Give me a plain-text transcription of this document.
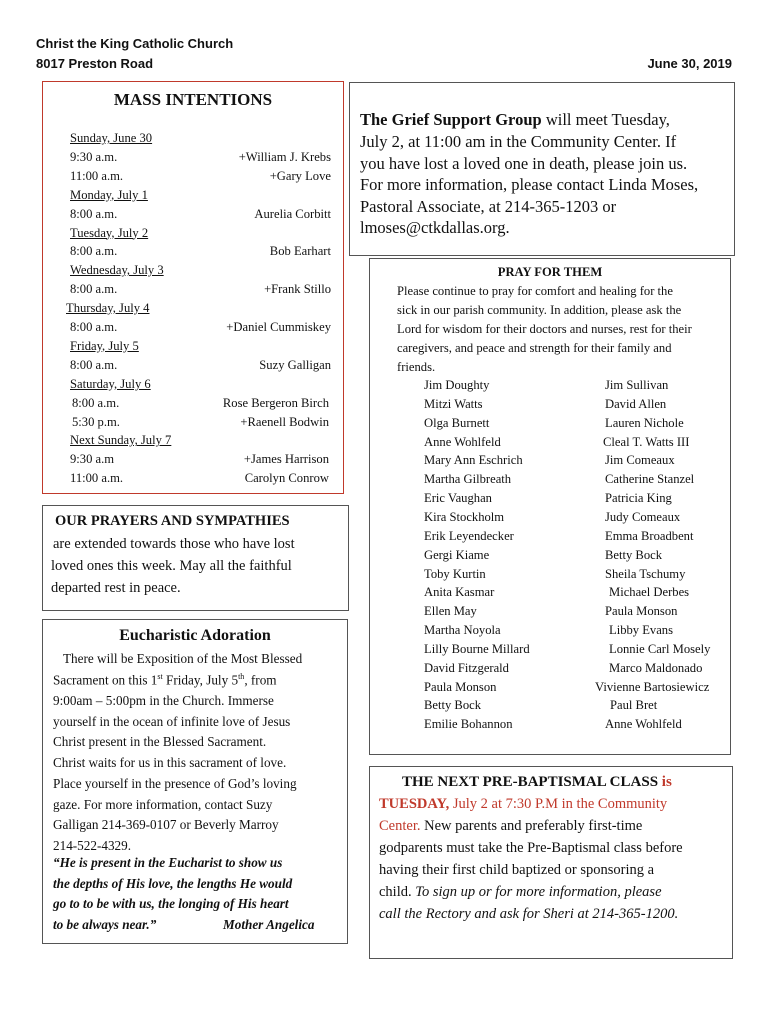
Christ the King Catholic Church
8017 Preston Road	June 30, 2019
MASS INTENTIONS
Sunday, June 30
9:30 a.m.	+William J. Krebs
11:00 a.m.	+Gary Love
Monday, July 1
8:00 a.m.	Aurelia Corbitt
Tuesday, July 2
8:00 a.m.	Bob Earhart
Wednesday, July 3
8:00 a.m.	+Frank Stillo
Thursday, July 4
8:00 a.m.	+Daniel Cummiskey
Friday, July 5
8:00 a.m.	Suzy Galligan
Saturday, July 6
8:00 a.m.	Rose Bergeron Birch
5:30 p.m.	+Raenell Bodwin
Next Sunday, July 7
9:30 a.m	+James Harrison
11:00 a.m.	Carolyn Conrow
OUR PRAYERS AND SYMPATHIES
are extended towards those who have lost
loved ones this week. May all the faithful
departed rest in peace.
Eucharistic Adoration
There will be Exposition of the Most Blessed
Sacrament on this 1st Friday, July 5th, from
9:00am – 5:00pm in the Church. Immerse
yourself in the ocean of infinite love of Jesus
Christ present in the Blessed Sacrament.
Christ waits for us in this sacrament of love.
Place yourself in the presence of God’s loving
gaze. For more information, contact Suzy
Galligan 214-369-0107 or Beverly Marroy
214-522-4329.
“He is present in the Eucharist to show us
the depths of His love, the lengths He would
go to to be with us, the longing of His heart
to be always near.”	Mother Angelica
The Grief Support Group will meet Tuesday,
July 2, at 11:00 am in the Community Center. If
you have lost a loved one in death, please join us.
For more information, please contact Linda Moses,
Pastoral Associate, at 214-365-1203 or
lmoses@ctkdallas.org.
PRAY FOR THEM
Please continue to pray for comfort and healing for the
sick in our parish community. In addition, please ask the
Lord for wisdom for their doctors and nurses, rest for their
caregivers, and peace and strength for their family and
friends.
Jim Doughty
Mitzi Watts
Olga Burnett
Anne Wohlfeld
Mary Ann Eschrich
Martha Gilbreath
Eric Vaughan
Kira Stockholm
Erik Leyendecker
Gergi Kiame
Toby Kurtin
Anita Kasmar
Ellen May
Martha Noyola
Lilly Bourne Millard
David Fitzgerald
Paula Monson
Betty Bock
Emilie Bohannon
Jim Sullivan
David Allen
Lauren Nichole
Cleal T. Watts III
Jim Comeaux
Catherine Stanzel
Patricia King
Judy Comeaux
Emma Broadbent
Betty Bock
Sheila Tschumy
Michael Derbes
Paula Monson
Libby Evans
Lonnie Carl Mosely
Marco Maldonado
Vivienne Bartosiewicz
Paul Bret
Anne Wohlfeld
THE NEXT PRE-BAPTISMAL CLASS is
TUESDAY, July 2 at 7:30 P.M in the Community
Center. New parents and preferably first-time
godparents must take the Pre-Baptismal class before
having their first child baptized or sponsoring a
child. To sign up or for more information, please
call the Rectory and ask for Sheri at 214-365-1200.
